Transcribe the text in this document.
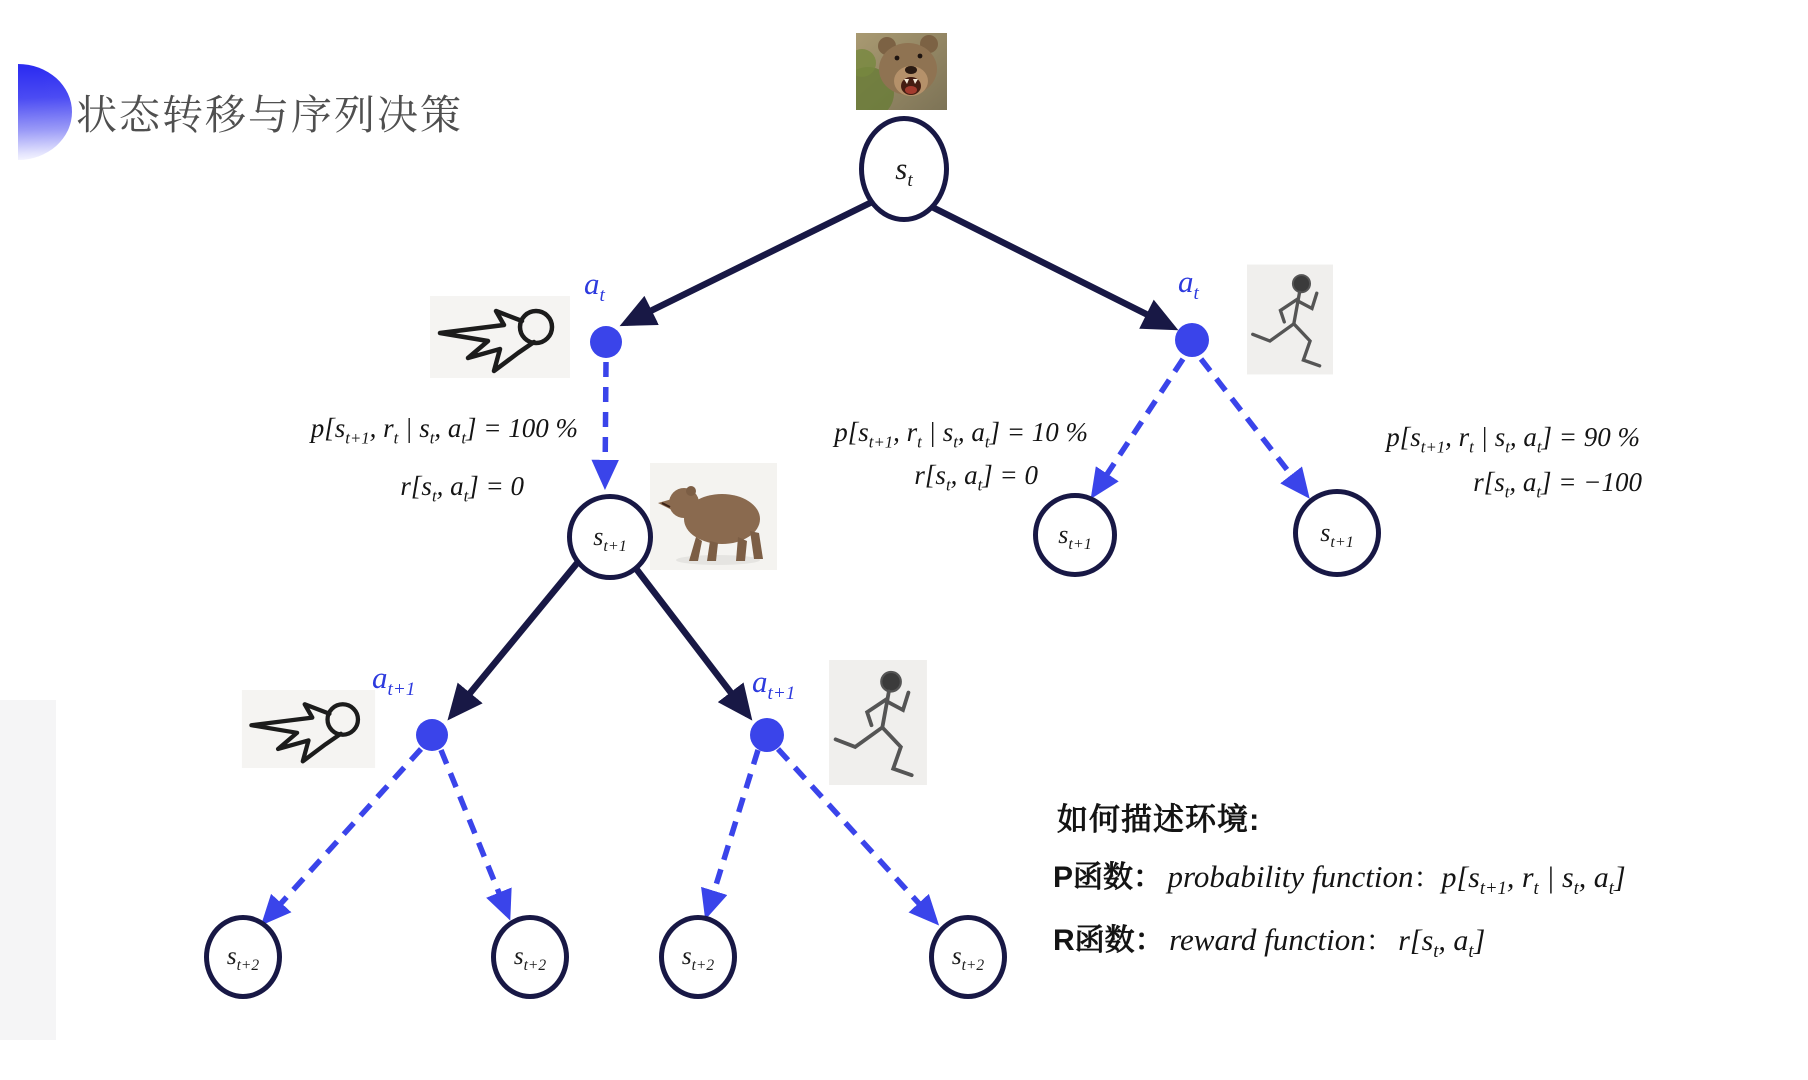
状态转移与序列决策
$s_t$
$s_{t+1}$	$s_{t+1}$	$s_{t+1}$
$s_{t+2}$	$s_{t+2}$	$s_{t+2}$	$s_{t+2}$
$a_t$	$a_t$
$a_{t+1}$	$a_{t+1}$
$p[s_{t+1}$, $r_t$ | $s_t$, $a_t] = 100$ %
$r[s_t$, $a_t] = 0$
$p[s_{t+1}$, $r_t$ | $s_t$, $a_t] = 10$ %
$r[s_t$, $a_t] = 0$
$p[s_{t+1}$, $r_t$ | $s_t$, $a_t] = 90$ %
$r[s_t$, $a_t] = -100$
如何描述环境:
P函数： probability function：$p[s_{t+1}$, $r_t$ | $s_t$, $a_t$]
R函数： reward function： $r[s_t$, $a_t$]
